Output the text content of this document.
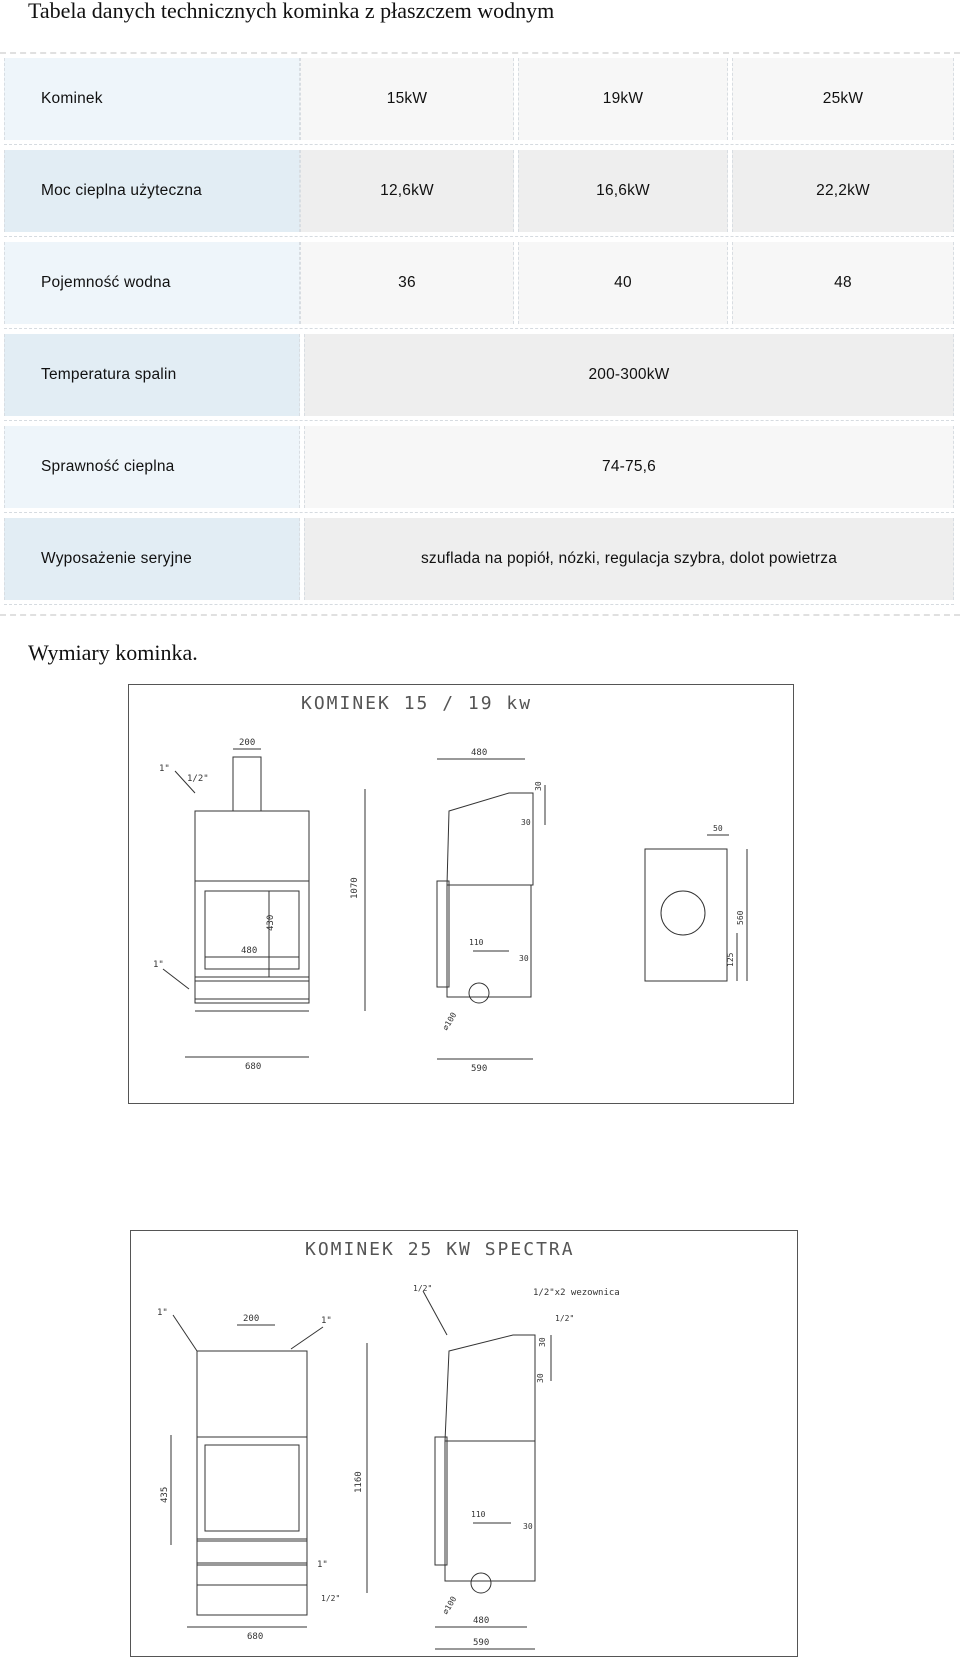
Tabela danych technicznych kominka z płaszczem wodnym
Kominek	15kW	19kW	25kW
Moc cieplna użyteczna	12,6kW	16,6kW	22,2kW
Pojemność wodna	36	40	48
Temperatura spalin	200-300kW
Sprawność cieplna	74-75,6
Wyposażenie seryjne	szuflada na popiół, nózki, regulacja szybra, dolot powietrza
Wymiary kominka.
KOMINEK 15 / 19 kw
200
1"
1/2"
1"
1070
430
480
680
480
30
30
110
30
⌀100
590
50
560
125
KOMINEK 25 KW SPECTRA
1"
200	1"
1160
435
1"
1/2"
680
1/2"	1/2"x2 wezownica
1/2"
30
30
110
30
⌀100
480
590
